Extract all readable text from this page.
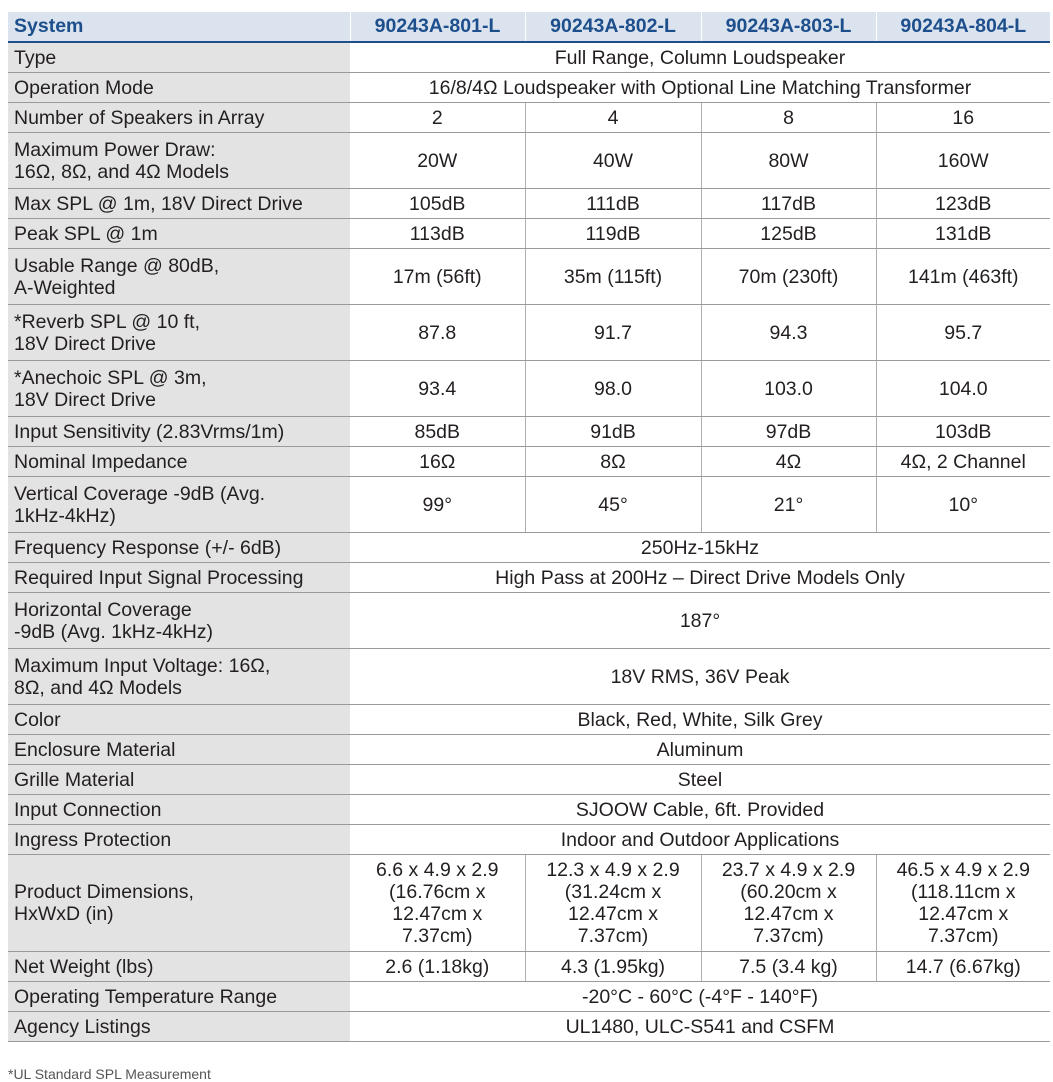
System	90243A-801-L	90243A-802-L	90243A-803-L	90243A-804-L
Type	Full Range, Column Loudspeaker			
Operation Mode	16/8/4Ω Loudspeaker with Optional Line Matching Transformer			
Number of Speakers in Array	2	4	8	16
Maximum Power Draw:
16Ω, 8Ω, and 4Ω Models	20W	40W	80W	160W
Max SPL @ 1m, 18V Direct Drive	105dB	111dB	117dB	123dB
Peak SPL @ 1m	113dB	119dB	125dB	131dB
Usable Range @ 80dB,
A-Weighted	17m (56ft)	35m (115ft)	70m (230ft)	141m (463ft)
*Reverb SPL @ 10 ft,
18V Direct Drive	87.8	91.7	94.3	95.7
*Anechoic SPL @ 3m,
18V Direct Drive	93.4	98.0	103.0	104.0
Input Sensitivity (2.83Vrms/1m)	85dB	91dB	97dB	103dB
Nominal Impedance	16Ω	8Ω	4Ω	4Ω, 2 Channel
Vertical Coverage -9dB (Avg.
1kHz-4kHz)	99°	45°	21°	10°
Frequency Response (+/- 6dB)	250Hz-15kHz			
Required Input Signal Processing	High Pass at 200Hz – Direct Drive Models Only			
Horizontal Coverage
-9dB (Avg. 1kHz-4kHz)	187°			
Maximum Input Voltage: 16Ω,
8Ω, and 4Ω Models	18V RMS, 36V Peak			
Color	Black, Red, White, Silk Grey			
Enclosure Material	Aluminum			
Grille Material	Steel			
Input Connection	SJOOW Cable, 6ft. Provided			
Ingress Protection	Indoor and Outdoor Applications			
Product Dimensions,
HxWxD (in)	6.6 x 4.9 x 2.9
(16.76cm x
12.47cm x
7.37cm)	12.3 x 4.9 x 2.9
(31.24cm x
12.47cm x
7.37cm)	23.7 x 4.9 x 2.9
(60.20cm x
12.47cm x
7.37cm)	46.5 x 4.9 x 2.9
(118.11cm x
12.47cm x
7.37cm)
Net Weight (lbs)	2.6 (1.18kg)	4.3 (1.95kg)	7.5 (3.4 kg)	14.7 (6.67kg)
Operating Temperature Range	-20°C - 60°C (-4°F - 140°F)			
Agency Listings	UL1480, ULC-S541 and CSFM			
*UL Standard SPL Measurement
